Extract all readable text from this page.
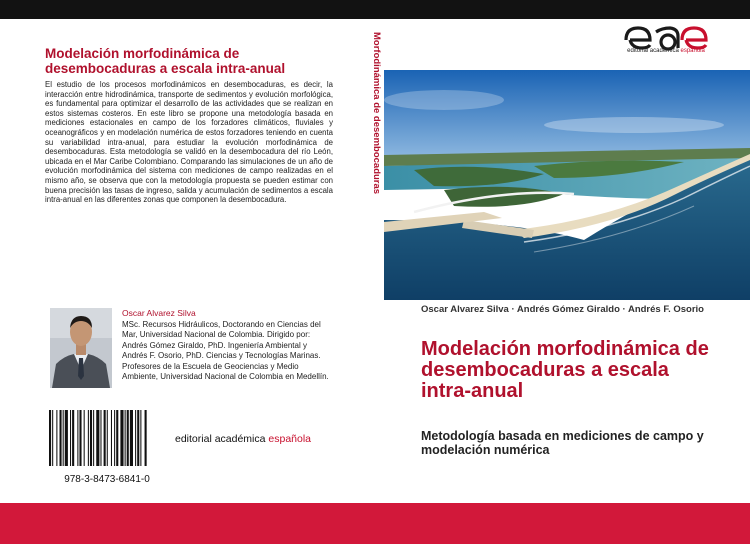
Modelación morfodinámica de desembocaduras a escala intra-anual
El estudio de los procesos morfodinámicos en desembocaduras, es decir, la interacción entre hidrodinámica, transporte de sedimentos y evolución morfológica, es fundamental para optimizar el desarrollo de las actividades que se realizan en estos sistemas costeros. En este libro se propone una metodología basada en mediciones estacionales en campo de los forzadores climáticos, fluviales y oceanográficos y en modelación numérica de estos forzadores teniendo en cuenta su variabilidad intra-anual, para estudiar la evolución morfodinámica de desembocaduras. Esta metodología se validó en la desembocadura del río León, ubicada en el Mar Caribe Colombiano. Comparando las simulaciones de un año de evolución morfodinámica del sistema con mediciones de campo realizadas en el mismo año, se observa que con la metodología propuesta se pueden estimar con buena precisión las tasas de ingreso, salida y acumulación de sedimentos a escala intra-anual en las diferentes zonas que componen la desembocadura.
Oscar Alvarez Silva
MSc. Recursos Hidráulicos, Doctorando en Ciencias del Mar, Universidad Nacional de Colombia. Dirigido por: Andrés Gómez Giraldo, PhD. Ingeniería Ambiental y Andrés F. Osorio, PhD. Ciencias y Tecnologías Marinas. Profesores de la Escuela de Geociencias y Medio Ambiente, Universidad Nacional de Colombia en Medellín.
978-3-8473-6841-0
editorial académica española
Morfodinámica de desembocaduras	editorial académica española
Oscar Alvarez Silva · Andrés Gómez Giraldo · Andrés F. Osorio
Modelación morfodinámica de desembocaduras a escala intra-anual
Metodología basada en mediciones de campo y modelación numérica
